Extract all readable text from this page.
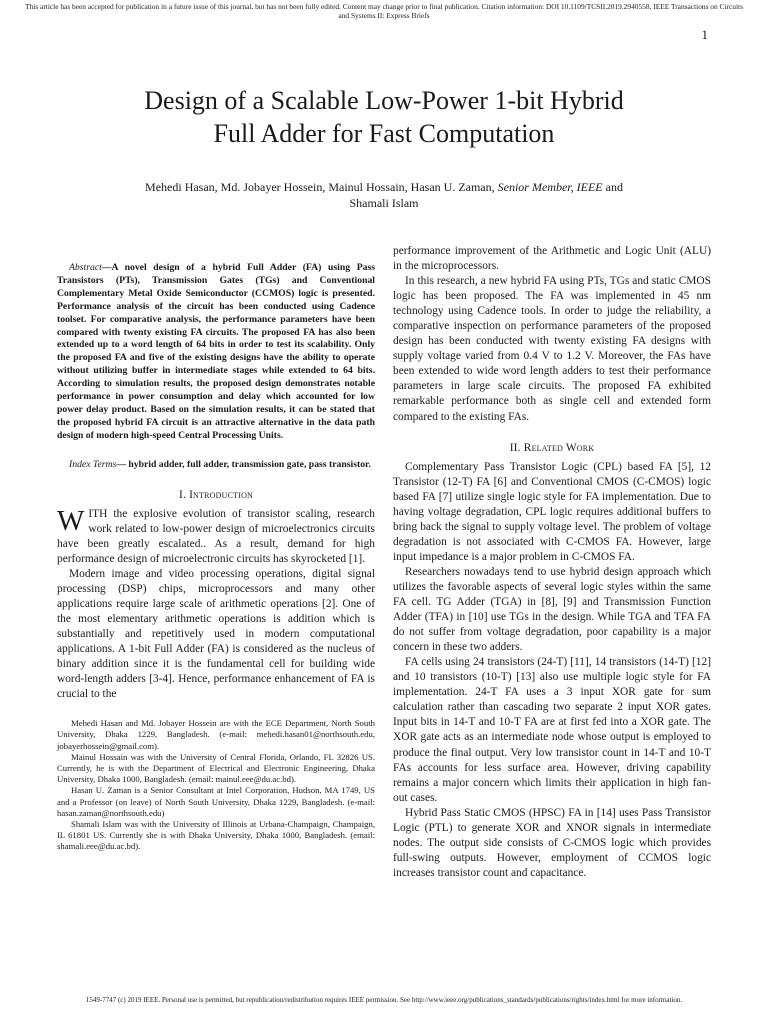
This article has been accepted for publication in a future issue of this journal, but has not been fully edited. Content may change prior to final publication. Citation information: DOI 10.1109/TCSII.2019.2940558, IEEE Transactions on Circuits and Systems II: Express Briefs
1
Design of a Scalable Low-Power 1-bit Hybrid
Full Adder for Fast Computation
Mehedi Hasan, Md. Jobayer Hossein, Mainul Hossain, Hasan U. Zaman, Senior Member, IEEE and
Shamali Islam

Abstract—A novel design of a hybrid Full Adder (FA) using Pass Transistors (PTs), Transmission Gates (TGs) and Conventional Complementary Metal Oxide Semiconductor (CCMOS) logic is presented. Performance analysis of the circuit has been conducted using Cadence toolset. For comparative analysis, the performance parameters have been compared with twenty existing FA circuits. The proposed FA has also been extended up to a word length of 64 bits in order to test its scalability. Only the proposed FA and five of the existing designs have the ability to operate without utilizing buffer in intermediate stages while extended to 64 bits. According to simulation results, the proposed design demonstrates notable performance in power consumption and delay which accounted for low power delay product. Based on the simulation results, it can be stated that the proposed hybrid FA circuit is an attractive alternative in the data path design of modern high-speed Central Processing Units.

Index Terms— hybrid adder, full adder, transmission gate, pass transistor.

I. Introduction

WITH the explosive evolution of transistor scaling, research work related to low-power design of microelectronics circuits have been greatly escalated.. As a result, demand for high performance design of microelectronic circuits has skyrocketed [1].

Modern image and video processing operations, digital signal processing (DSP) chips, microprocessors and many other applications require large scale of arithmetic operations [2]. One of the most elementary arithmetic operations is addition which is substantially and repetitively used in modern computational applications. A 1-bit Full Adder (FA) is considered as the nucleus of binary addition since it is the fundamental cell for building wide word-length adders [3-4]. Hence, performance enhancement of FA is crucial to the

Mehedi Hasan and Md. Jobayer Hossein are with the ECE Department, North South University, Dhaka 1229, Bangladesh. (e-mail: mehedi.hasan01@northsouth.edu, jobayerhossein@gmail.com).

Mainul Hossain was with the University of Central Florida, Orlando, FL 32826 US. Currently, he is with the Department of Electrical and Electronic Engineering, Dhaka University, Dhaka 1000, Bangladesh. (email: mainul.eee@du.ac.bd).

Hasan U. Zaman is a Senior Consultant at Intel Corporation, Hudson, MA 1749, US and a Professor (on leave) of North South University, Dhaka 1229, Bangladesh. (e-mail: hasan.zaman@northsouth.edu)

Shamali Islam was with the University of Illinois at Urbana-Champaign, Champaign, IL 61801 US. Currently she is with Dhaka University, Dhaka 1000, Bangladesh. (email: shamali.eee@du.ac.bd).

performance improvement of the Arithmetic and Logic Unit (ALU) in the microprocessors.

In this research, a new hybrid FA using PTs, TGs and static CMOS logic has been proposed. The FA was implemented in 45 nm technology using Cadence tools. In order to judge the reliability, a comparative inspection on performance parameters of the proposed design has been conducted with twenty existing FA designs with supply voltage varied from 0.4 V to 1.2 V. Moreover, the FAs have been extended to wide word length adders to test their performance parameters in large scale circuits. The proposed FA exhibited remarkable performance both as single cell and extended form compared to the existing FAs.

II. Related Work

Complementary Pass Transistor Logic (CPL) based FA [5], 12 Transistor (12-T) FA [6] and Conventional CMOS (C-CMOS) logic based FA [7] utilize single logic style for FA implementation. Due to having voltage degradation, CPL logic requires additional buffers to bring back the signal to supply voltage level. The problem of voltage degradation is not associated with C-CMOS FA. However, large input impedance is a major problem in C-CMOS FA.

Researchers nowadays tend to use hybrid design approach which utilizes the favorable aspects of several logic styles within the same FA cell. TG Adder (TGA) in [8], [9] and Transmission Function Adder (TFA) in [10] use TGs in the design. While TGA and TFA FA do not suffer from voltage degradation, poor capability is a major concern in these two adders.

FA cells using 24 transistors (24-T) [11], 14 transistors (14-T) [12] and 10 transistors (10-T) [13] also use multiple logic style for FA implementation. 24-T FA uses a 3 input XOR gate for sum calculation rather than cascading two separate 2 input XOR gates. Input bits in 14-T and 10-T FA are at first fed into a XOR gate. The XOR gate acts as an intermediate node whose output is employed to produce the final output. Very low transistor count in 14-T and 10-T FAs accounts for less surface area. However, driving capability remains a major concern which limits their application in high fan-out cases.

Hybrid Pass Static CMOS (HPSC) FA in [14] uses Pass Transistor Logic (PTL) to generate XOR and XNOR signals in intermediate nodes. The output side consists of C-CMOS logic which provides full-swing outputs. However, employment of CCMOS logic increases transistor count and capacitance.

1549-7747 (c) 2019 IEEE. Personal use is permitted, but republication/redistribution requires IEEE permission. See http://www.ieee.org/publications_standards/publications/rights/index.html for more information.
